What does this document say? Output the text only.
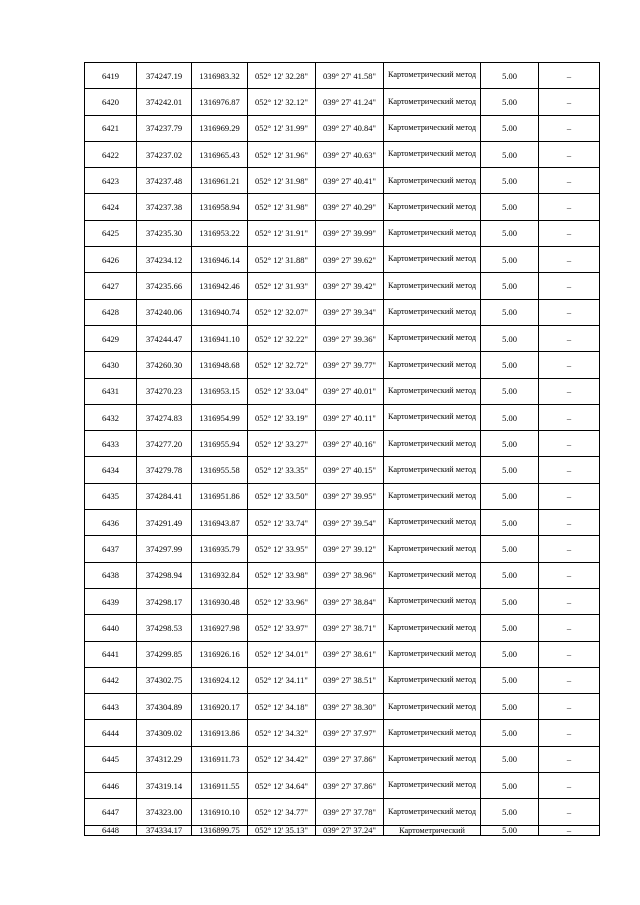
6419	374247.19	1316983.32	052° 12' 32.28"	039° 27' 41.58"	Картометрический метод	5.00	–
6420	374242.01	1316976.87	052° 12' 32.12"	039° 27' 41.24"	Картометрический метод	5.00	–
6421	374237.79	1316969.29	052° 12' 31.99"	039° 27' 40.84"	Картометрический метод	5.00	–
6422	374237.02	1316965.43	052° 12' 31.96"	039° 27' 40.63"	Картометрический метод	5.00	–
6423	374237.48	1316961.21	052° 12' 31.98"	039° 27' 40.41"	Картометрический метод	5.00	–
6424	374237.38	1316958.94	052° 12' 31.98"	039° 27' 40.29"	Картометрический метод	5.00	–
6425	374235.30	1316953.22	052° 12' 31.91"	039° 27' 39.99"	Картометрический метод	5.00	–
6426	374234.12	1316946.14	052° 12' 31.88"	039° 27' 39.62"	Картометрический метод	5.00	–
6427	374235.66	1316942.46	052° 12' 31.93"	039° 27' 39.42"	Картометрический метод	5.00	–
6428	374240.06	1316940.74	052° 12' 32.07"	039° 27' 39.34"	Картометрический метод	5.00	–
6429	374244.47	1316941.10	052° 12' 32.22"	039° 27' 39.36"	Картометрический метод	5.00	–
6430	374260.30	1316948.68	052° 12' 32.72"	039° 27' 39.77"	Картометрический метод	5.00	–
6431	374270.23	1316953.15	052° 12' 33.04"	039° 27' 40.01"	Картометрический метод	5.00	–
6432	374274.83	1316954.99	052° 12' 33.19"	039° 27' 40.11"	Картометрический метод	5.00	–
6433	374277.20	1316955.94	052° 12' 33.27"	039° 27' 40.16"	Картометрический метод	5.00	–
6434	374279.78	1316955.58	052° 12' 33.35"	039° 27' 40.15"	Картометрический метод	5.00	–
6435	374284.41	1316951.86	052° 12' 33.50"	039° 27' 39.95"	Картометрический метод	5.00	–
6436	374291.49	1316943.87	052° 12' 33.74"	039° 27' 39.54"	Картометрический метод	5.00	–
6437	374297.99	1316935.79	052° 12' 33.95"	039° 27' 39.12"	Картометрический метод	5.00	–
6438	374298.94	1316932.84	052° 12' 33.98"	039° 27' 38.96"	Картометрический метод	5.00	–
6439	374298.17	1316930.48	052° 12' 33.96"	039° 27' 38.84"	Картометрический метод	5.00	–
6440	374298.53	1316927.98	052° 12' 33.97"	039° 27' 38.71"	Картометрический метод	5.00	–
6441	374299.85	1316926.16	052° 12' 34.01"	039° 27' 38.61"	Картометрический метод	5.00	–
6442	374302.75	1316924.12	052° 12' 34.11"	039° 27' 38.51"	Картометрический метод	5.00	–
6443	374304.89	1316920.17	052° 12' 34.18"	039° 27' 38.30"	Картометрический метод	5.00	–
6444	374309.02	1316913.86	052° 12' 34.32"	039° 27' 37.97"	Картометрический метод	5.00	–
6445	374312.29	1316911.73	052° 12' 34.42"	039° 27' 37.86"	Картометрический метод	5.00	–
6446	374319.14	1316911.55	052° 12' 34.64"	039° 27' 37.86"	Картометрический метод	5.00	–
6447	374323.00	1316910.10	052° 12' 34.77"	039° 27' 37.78"	Картометрический метод	5.00	–
6448	374334.17	1316899.75	052° 12' 35.13"	039° 27' 37.24"	Картометрический	5.00	–
